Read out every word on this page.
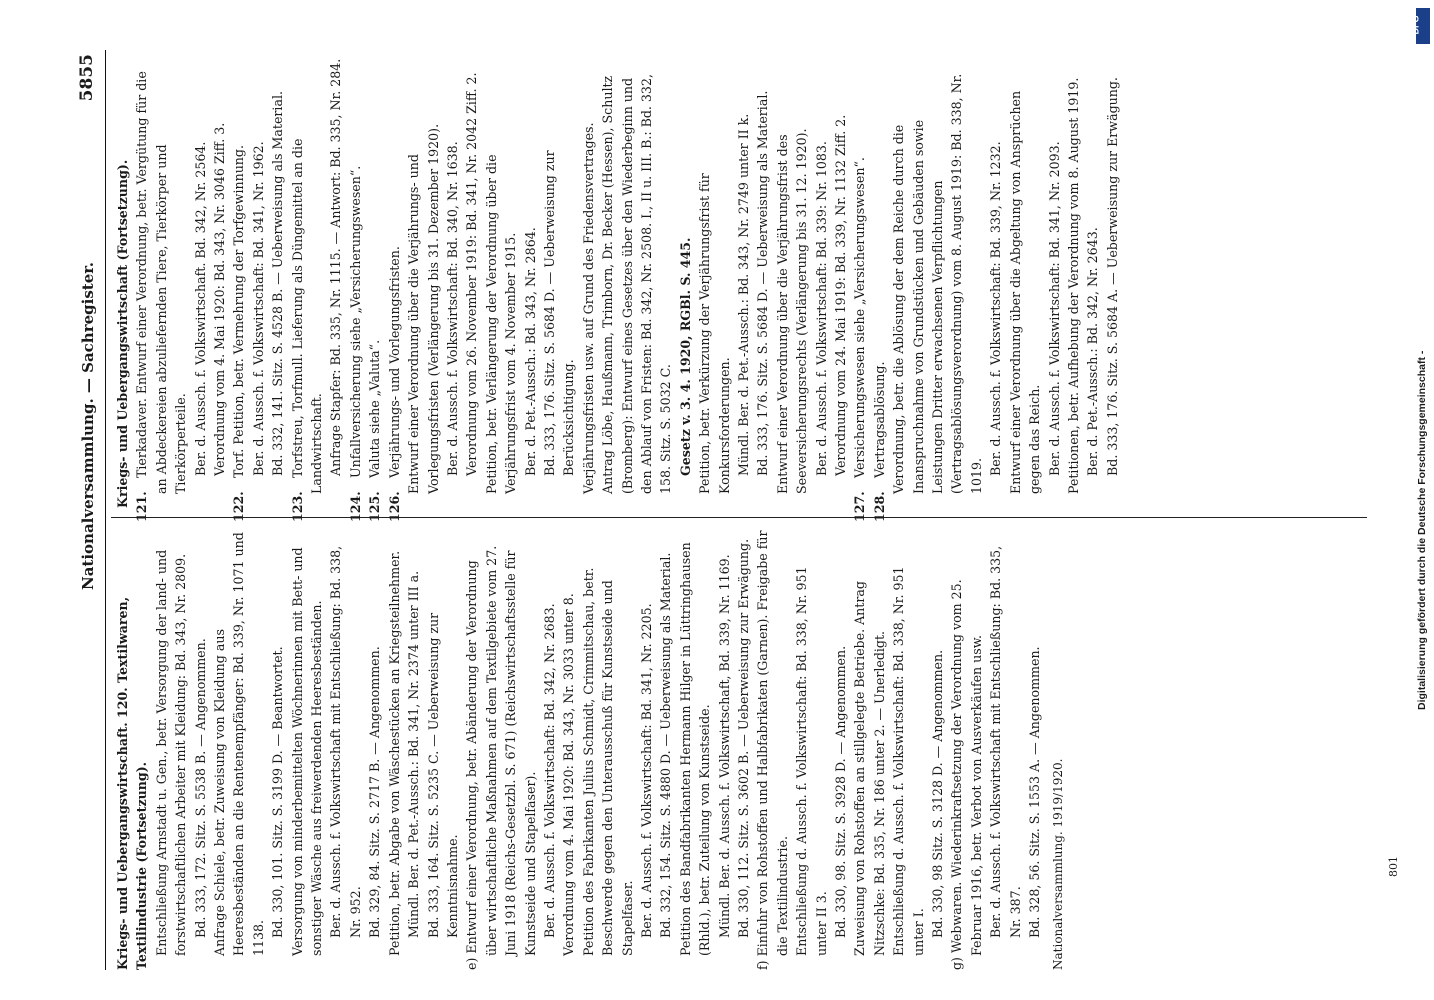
Nationalversammlung. — Sachregister.
5855

Kriegs- und Uebergangswirtschaft. 120. Textilwaren, Textilindustrie (Fortsetzung). Entschließung Arnstadt u. Gen., betr. Versorgung der land- und forstwirtschaftlichen Arbeiter mit Kleidung: Bd. 343, Nr. 2809. Bd. 333, 172. Sitz. S. 5538 B. — Angenommen. Anfrage Schiele, betr. Zuweisung von Kleidung aus Heeresbeständen an die Rentenempfänger: Bd. 339, Nr. 1071 und 1138. Bd. 330, 101. Sitz. S. 3199 D. — Beantwortet. Versorgung von minderbemittelten Wöchnerinnen mit Bett- und sonstiger Wäsche aus freiwerdenden Heeresbeständen. Ber. d. Aussch. f. Volkswirtschaft mit Entschließung: Bd. 338, Nr. 952. Bd. 329, 84. Sitz. S. 2717 B. — Angenommen. Petition, betr. Abgabe von Wäschestücken an Kriegsteilnehmer. Mündl. Ber. d. Pet.-Aussch.: Bd. 341, Nr. 2374 unter III a. Bd. 333, 164. Sitz. S. 5235 C. — Ueberweisung zur Kenntnisnahme. e) Entwurf einer Verordnung, betr. Abänderung der Verordnung über wirtschaftliche Maßnahmen auf dem Textilgebiete vom 27. Juni 1918 (Reichs-Gesetzbl. S. 671) (Reichswirtschaftsstelle für Kunstseide und Stapelfaser). Ber. d. Aussch. f. Volkswirtschaft: Bd. 342, Nr. 2683. Verordnung vom 4. Mai 1920: Bd. 343, Nr. 3033 unter 8. Petition des Fabrikanten Julius Schmidt, Crimmitschau, betr. Beschwerde gegen den Unterausschuß für Kunstseide und Stapelfaser. Ber. d. Aussch. f. Volkswirtschaft: Bd. 341, Nr. 2205. Bd. 332, 154. Sitz. S. 4880 D. — Ueberweisung als Material. Petition des Bandfabrikanten Hermann Hilger in Lüttringhausen (Rhld.), betr. Zuteilung von Kunstseide. Mündl. Ber. d. Aussch. f. Volkswirtschaft, Bd. 339, Nr. 1169. Bd. 330, 112. Sitz. S. 3602 B. — Ueberweisung zur Erwägung. f) Einfuhr von Rohstoffen und Halbfabrikaten (Garnen). Freigabe für die Textilindustrie. Entschließung d. Aussch. f. Volkswirtschaft: Bd. 338, Nr. 951 unter II 3. Bd. 330, 98. Sitz. S. 3928 D. — Angenommen. Zuweisung von Rohstoffen an stillgelegte Betriebe. Antrag Nitzschke: Bd. 335, Nr. 186 unter 2. — Unerledigt. Entschließung d. Aussch. f. Volkswirtschaft: Bd. 338, Nr. 951 unter I. Bd. 330, 98 Sitz. S. 3128 D. — Angenommen. g) Webwaren. Wiederinkraftsetzung der Verordnung vom 25. Februar 1916, betr. Verbot von Ausverkäufen usw. Ber. d. Aussch. f. Volkswirtschaft mit Entschließung: Bd. 335, Nr. 387. Bd. 328, 56. Sitz. S. 1553 A. — Angenommen. Nationalversammlung. 1919/1920.

Kriegs- und Uebergangswirtschaft (Fortsetzung). 121.Tierkadaver. Entwurf einer Verordnung, betr. Vergütung für die an Abdeckereien abzuliefernden Tiere, Tierkörper und Tierkörperteile. Ber. d. Aussch. f. Volkswirtschaft. Bd. 342, Nr. 2564. Verordnung vom 4. Mai 1920: Bd. 343, Nr. 3046 Ziff. 3.

122.Torf. Petition, betr. Vermehrung der Torfgewinnung. Ber. d. Aussch. f. Volkswirtschaft: Bd. 341, Nr. 1962. Bd. 332, 141. Sitz. S. 4528 B. — Ueberweisung als Material.

123.Torfstreu, Torfmull. Lieferung als Düngemittel an die Landwirtschaft. Anfrage Stapfer: Bd. 335, Nr. 1115. — Antwort: Bd. 335, Nr. 284.

124.Unfallversicherung siehe „Versicherungswesen“.

125.Valuta siehe „Valuta“.

126.Verjährungs- und Vorlegungsfristen. Entwurf einer Verordnung über die Verjährungs- und Vorlegungsfristen (Verlängerung bis 31. Dezember 1920). Ber. d. Aussch. f. Volkswirtschaft: Bd. 340, Nr. 1638. Verordnung vom 26. November 1919: Bd. 341, Nr. 2042 Ziff. 2. Petition, betr. Verlängerung der Verordnung über die Verjährungsfrist vom 4. November 1915. Ber. d. Pet.-Aussch.: Bd. 343, Nr. 2864. Bd. 333, 176. Sitz. S. 5684 D. — Ueberweisung zur Berücksichtigung. Verjährungsfristen usw. auf Grund des Friedensvertrages. Antrag Löbe, Haußmann, Trimborn, Dr. Becker (Hessen), Schultz (Bromberg): Entwurf eines Gesetzes über den Wiederbeginn und den Ablauf von Fristen: Bd. 342, Nr. 2508. I., II u. III. B.: Bd. 332, 158. Sitz. S. 5032 C. Gesetz v. 3. 4. 1920, RGBl. S. 445. Petition, betr. Verkürzung der Verjährungsfrist für Konkursforderungen. Mündl. Ber. d. Pet.-Aussch.: Bd. 343, Nr. 2749 unter II k. Bd. 333, 176. Sitz. S. 5684 D. — Ueberweisung als Material. Entwurf einer Verordnung über die Verjährungsfrist des Seeversicherungsrechts (Verlängerung bis 31. 12. 1920). Ber. d. Aussch. f. Volkswirtschaft: Bd. 339: Nr. 1083. Verordnung vom 24. Mai 1919: Bd. 339, Nr. 1132 Ziff. 2.

127.Versicherungswesen siehe „Versicherungswesen“.

128.Vertragsablösung. Verordnung, betr. die Ablösung der dem Reiche durch die Inanspruchnahme von Grundstücken und Gebäuden sowie Leistungen Dritter erwachsenen Verpflichtungen (Vertragsablösungsverordnung) vom 8. August 1919: Bd. 338, Nr. 1019. Ber. d. Aussch. f. Volkswirtschaft: Bd. 339, Nr. 1232. Entwurf einer Verordnung über die Abgeltung von Ansprüchen gegen das Reich. Ber. d. Aussch. f. Volkswirtschaft: Bd. 341, Nr. 2093. Petitionen, betr. Aufhebung der Verordnung vom 8. August 1919. Ber. d. Pet.-Aussch.: Bd. 342, Nr. 2643. Bd. 333, 176. Sitz. S. 5684 A. — Ueberweisung zur Erwägung.

801
DFG
Digitalisierung gefördert durch die Deutsche Forschungsgemeinschaft -
